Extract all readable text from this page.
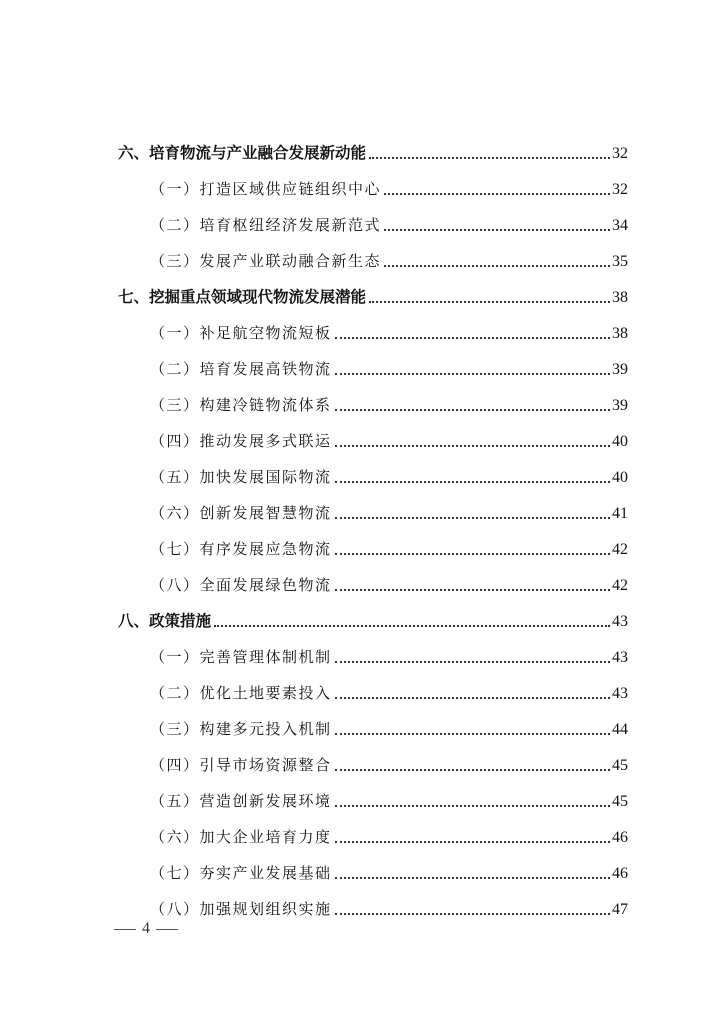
六、培育物流与产业融合发展新动能	32
（一）打造区域供应链组织中心	32
（二）培育枢纽经济发展新范式	34
（三）发展产业联动融合新生态	35
七、挖掘重点领域现代物流发展潜能	38
（一）补足航空物流短板	38
（二）培育发展高铁物流	39
（三）构建冷链物流体系	39
（四）推动发展多式联运	40
（五）加快发展国际物流	40
（六）创新发展智慧物流	41
（七）有序发展应急物流	42
（八）全面发展绿色物流	42
八、政策措施	43
（一）完善管理体制机制	43
（二）优化土地要素投入	43
（三）构建多元投入机制	44
（四）引导市场资源整合	45
（五）营造创新发展环境	45
（六）加大企业培育力度	46
（七）夯实产业发展基础	46
（八）加强规划组织实施	47
4
